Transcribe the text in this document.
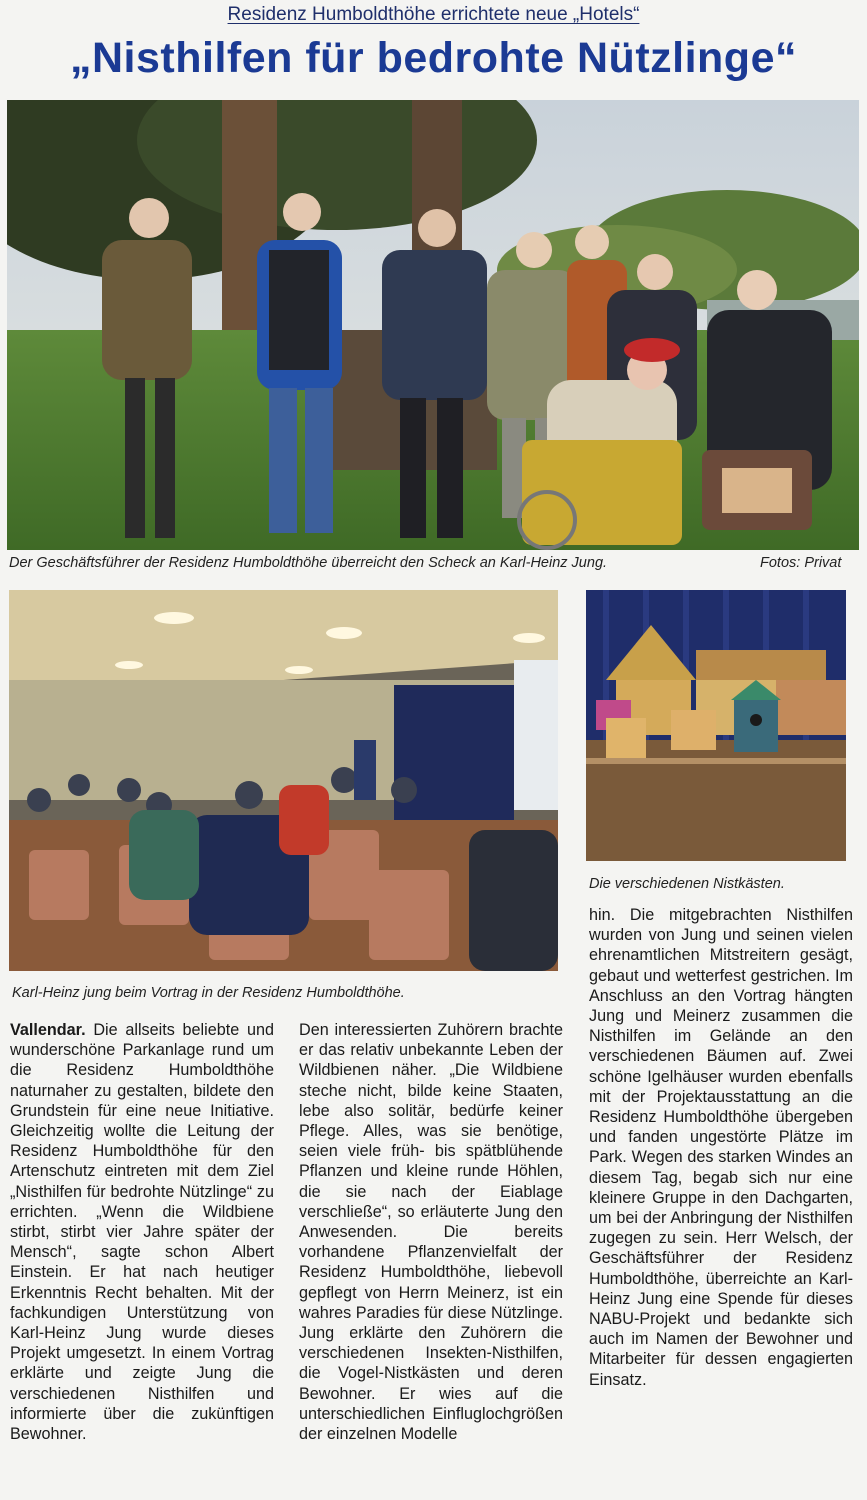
Residenz Humboldthöhe errichtete neue „Hotels“
„Nisthilfen für bedrohte Nützlinge“
Der Geschäftsführer der Residenz Humboldthöhe überreicht den Scheck an Karl-Heinz Jung.	Fotos: Privat
Karl-Heinz jung beim Vortrag in der Residenz Humboldthöhe.
Die verschiedenen Nistkästen.
hin. Die mitgebrachten Nisthilfen wurden von Jung und seinen vielen ehrenamtlichen Mitstreitern gesägt, gebaut und wetterfest gestrichen. Im Anschluss an den Vortrag hängten Jung und Meinerz zusammen die Nisthilfen im Gelände an den verschiedenen Bäumen auf. Zwei schöne Igelhäuser wurden ebenfalls mit der Projektausstattung an die Residenz Humboldthöhe übergeben und fanden ungestörte Plätze im Park. Wegen des starken Windes an diesem Tag, begab sich nur eine kleinere Gruppe in den Dachgarten, um bei der Anbringung der Nisthilfen zugegen zu sein. Herr Welsch, der Geschäftsführer der Residenz Humboldthöhe, überreichte an Karl-Heinz Jung eine Spende für dieses NABU-Projekt und bedankte sich auch im Namen der Bewohner und Mitarbeiter für dessen engagierten Einsatz.
Vallendar. Die allseits beliebte und wunderschöne Parkanlage rund um die Residenz Humboldthöhe naturnaher zu gestalten, bildete den Grundstein für eine neue Initiative. Gleichzeitig wollte die Leitung der Residenz Humboldthöhe für den Artenschutz eintreten mit dem Ziel „Nisthilfen für bedrohte Nützlinge“ zu errichten. „Wenn die Wildbiene stirbt, stirbt vier Jahre später der Mensch“, sagte schon Albert Einstein. Er hat nach heutiger Erkenntnis Recht behalten. Mit der fachkundigen Unterstützung von Karl-Heinz Jung wurde dieses Projekt umgesetzt. In einem Vortrag erklärte und zeigte Jung die verschiedenen Nisthilfen und informierte über die zukünftigen Bewohner.
Den interessierten Zuhörern brachte er das relativ unbekannte Leben der Wildbienen näher. „Die Wildbiene steche nicht, bilde keine Staaten, lebe also solitär, bedürfe keiner Pflege. Alles, was sie benötige, seien viele früh- bis spätblühende Pflanzen und kleine runde Höhlen, die sie nach der Eiablage verschließe“, so erläuterte Jung den Anwesenden. Die bereits vorhandene Pflanzenvielfalt der Residenz Humboldthöhe, liebevoll gepflegt von Herrn Meinerz, ist ein wahres Paradies für diese Nützlinge. Jung erklärte den Zuhörern die verschiedenen Insekten-Nisthilfen, die Vogel-Nistkästen und deren Bewohner. Er wies auf die unterschiedlichen Einfluglochgrößen der einzelnen Modelle
